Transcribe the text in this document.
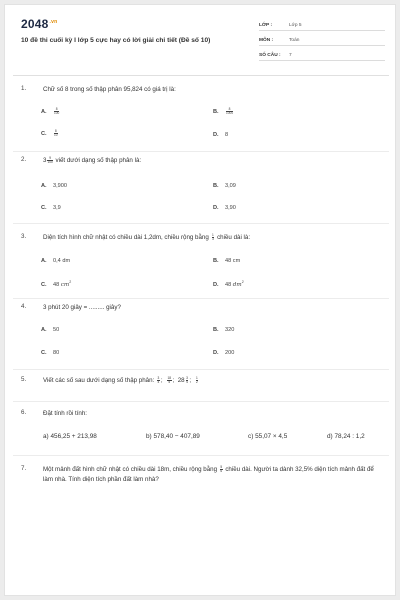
$2048^{.vn}$
10 đề thi cuối kỳ I lớp 5 cực hay có lời giải chi tiết (Đề số 10)
LỚP :	Lớp 5
MÔN :	Toán
SỐ CÂU : 7
1.	Chữ số 8 trong số thập phân 95,824 có giá trị là:
A. $\frac{8}{100}$	B. $\frac{8}{1000}$
C. $\frac{8}{10}$	D. 8
2.	$3 \frac{9}{100}$ viết dưới dạng số thập phân là:
A. 3,900	B. 3,09
C. 3,9	D. 3,90
3.	Diện tích hình chữ nhật có chiều dài 1,2dm, chiều rộng bằng $\frac{1}{3}$ chiều dài là:
A. 0,4 dm	B. 48 cm
C. 48 $cm^2$	D. 48 $dm^2$
4.	3 phút 20 giây = ......... giây?
A. 50	B. 320
C. 80	D. 200
5.	Viết các số sau dưới dạng số thập phân: $\frac{3}{4}$ ; $\frac{18}{5}$ ;  $28 \frac{3}{4}$ ; $\frac{1}{2}$
6.	Đặt tính rồi tính:
a) 456,25 + 213,98	b) 578,40 − 407,89	c) 55,07 × 4,5	d) 78,24 : 1,2
7.	Một mảnh đất hình chữ nhật có chiều dài 18m, chiều rộng bằng $\frac{5}{6}$ chiều dài. Người ta dành 32,5% diện tích mảnh đất để làm nhà. Tính diện tích phần đất làm nhà?
